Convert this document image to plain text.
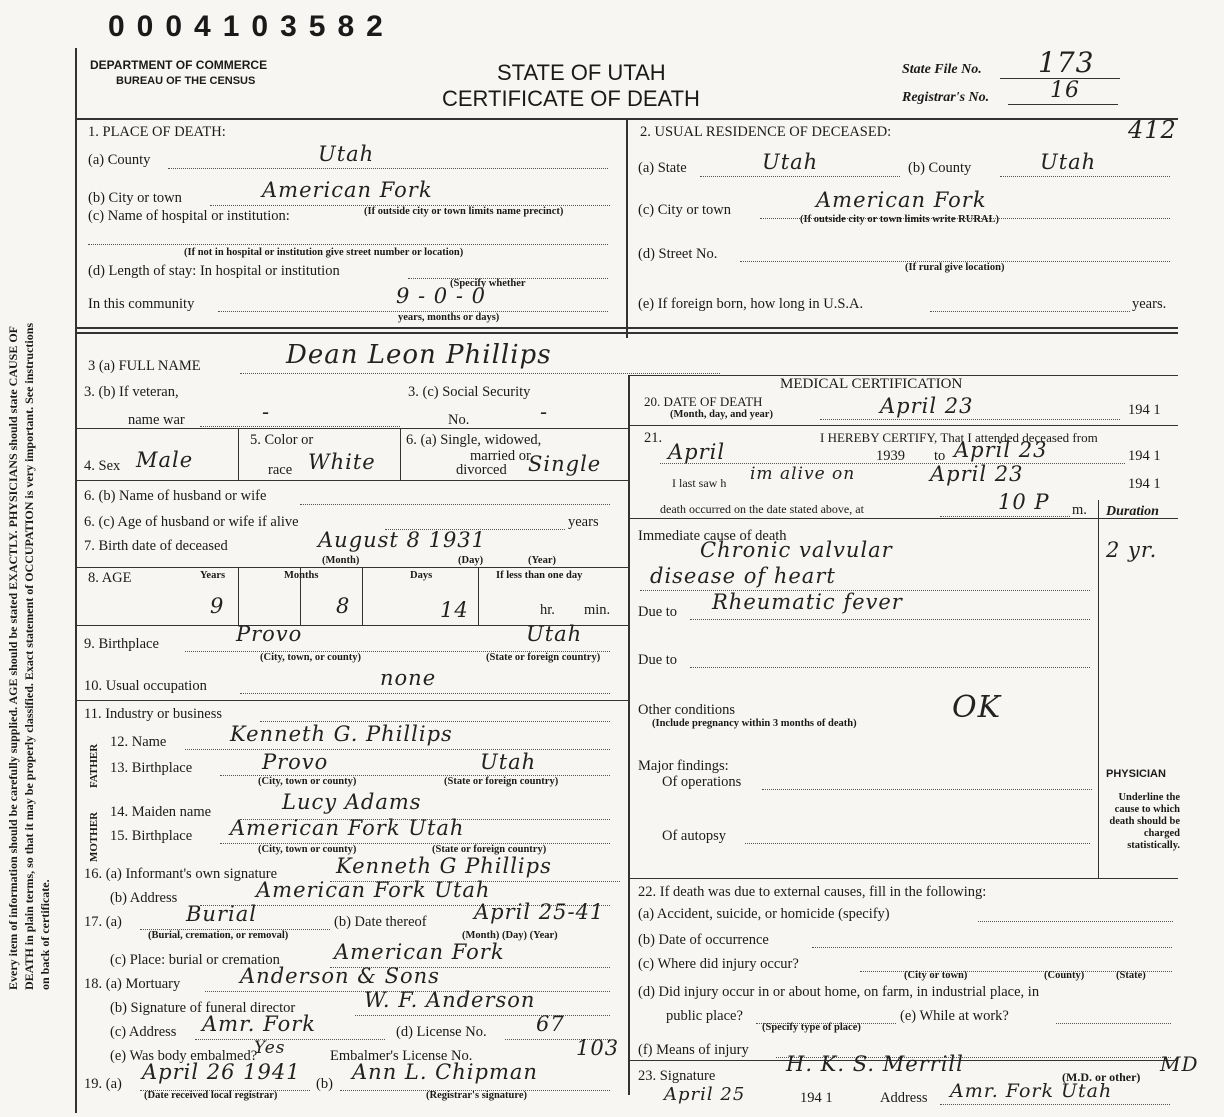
0004103582
Every item of information should be carefully supplied. AGE should be stated EXACTLY. PHYSICIANS should state CAUSE OF DEATH in plain terms, so that it may be properly classified. Exact statement of OCCUPATION is very important. See instructions on back of certificate.
DEPARTMENT OF COMMERCE
BUREAU OF THE CENSUS	STATE OF UTAH
CERTIFICATE OF DEATH
State File No. 173
Registrar's No.	16
1. PLACE OF DEATH:
(a) County	Utah
(b) City or town	American Fork
(c) Name of hospital or institution:	(If outside city or town limits name precinct)
(If not in hospital or institution give street number or location)
(d) Length of stay: In hospital or institution
(Specify whether
In this community	9 - 0 - 0
years, months or days)
2. USUAL RESIDENCE OF DECEASED:	412
(a) State	Utah	(b) County	Utah
(c) City or town	American Fork
(If outside city or town limits write RURAL)
(d) Street No.
(If rural give location)
(e) If foreign born, how long in U.S.A.	years.
3 (a) FULL NAME	Dean Leon Phillips
3. (b) If veteran,
name war	-
3. (c) Social Security
No.	-
4. Sex Male
5. Color or
race White
6. (a) Single, widowed,
married or
divorced Single
6. (b) Name of husband or wife
6. (c) Age of husband or wife if alive	years
7. Birth date of deceased	August 8 1931
(Month)	(Day)	(Year)
8. AGE	Years	Months	Days	If less than one day
9	8	14	hr. min.
9. Birthplace	Provo	Utah
(City, town, or county)	(State or foreign country)
10. Usual occupation	none
11. Industry or business
FATHER
12. Name	Kenneth G. Phillips
13. Birthplace	Provo	Utah
(City, town or county)	(State or foreign country)
MOTHER 14. Maiden name	Lucy Adams
15. Birthplace American Fork Utah
(City, town or county)	(State or foreign country)
16. (a) Informant's own signature	Kenneth G Phillips
(b) Address	American Fork Utah
17. (a)	Burial
(Burial, cremation, or removal)
(b) Date thereof April 25-41
(Month) (Day) (Year)
(c) Place: burial or cremation	American Fork
18. (a) Mortuary	Anderson & Sons
(b) Signature of funeral director	W. F. Anderson
(c) Address Amr. Fork	(d) License No. 67
(e) Was body embalmed?
Yes	Embalmer's License No.	103
19. (a) April 26 1941
(Date received local registrar)
(b) Ann L. Chipman
(Registrar's signature)
MEDICAL CERTIFICATION
20. DATE OF DEATH
(Month, day, and year)	April 23	194 1
21.	I HEREBY CERTIFY, That I attended deceased from
April	1939 to April 23	194 1
I last saw h im alive on	April 23	194 1
death occurred on the date stated above, at	10 P m. Duration
Immediate cause of death
Chronic valvular
disease of heart
2 yr.
Due to Rheumatic fever
Due to
Other conditions
(Include pregnancy within 3 months of death)	OK
Major findings:
Of operations
Of autopsy
PHYSICIAN
Underline the cause to which death should be charged statistically.
22. If death was due to external causes, fill in the following:
(a) Accident, suicide, or homicide (specify)
(b) Date of occurrence
(c) Where did injury occur?
(City or town)	(County)	(State)
(d) Did injury occur in or about home, on farm, in industrial place, in
public place?
(Specify type of place)
(e) While at work?
(f) Means of injury
23. Signature	H. K. S. Merrill
(M.D. or other)
MD
April 25	194 1	Address Amr. Fork Utah
